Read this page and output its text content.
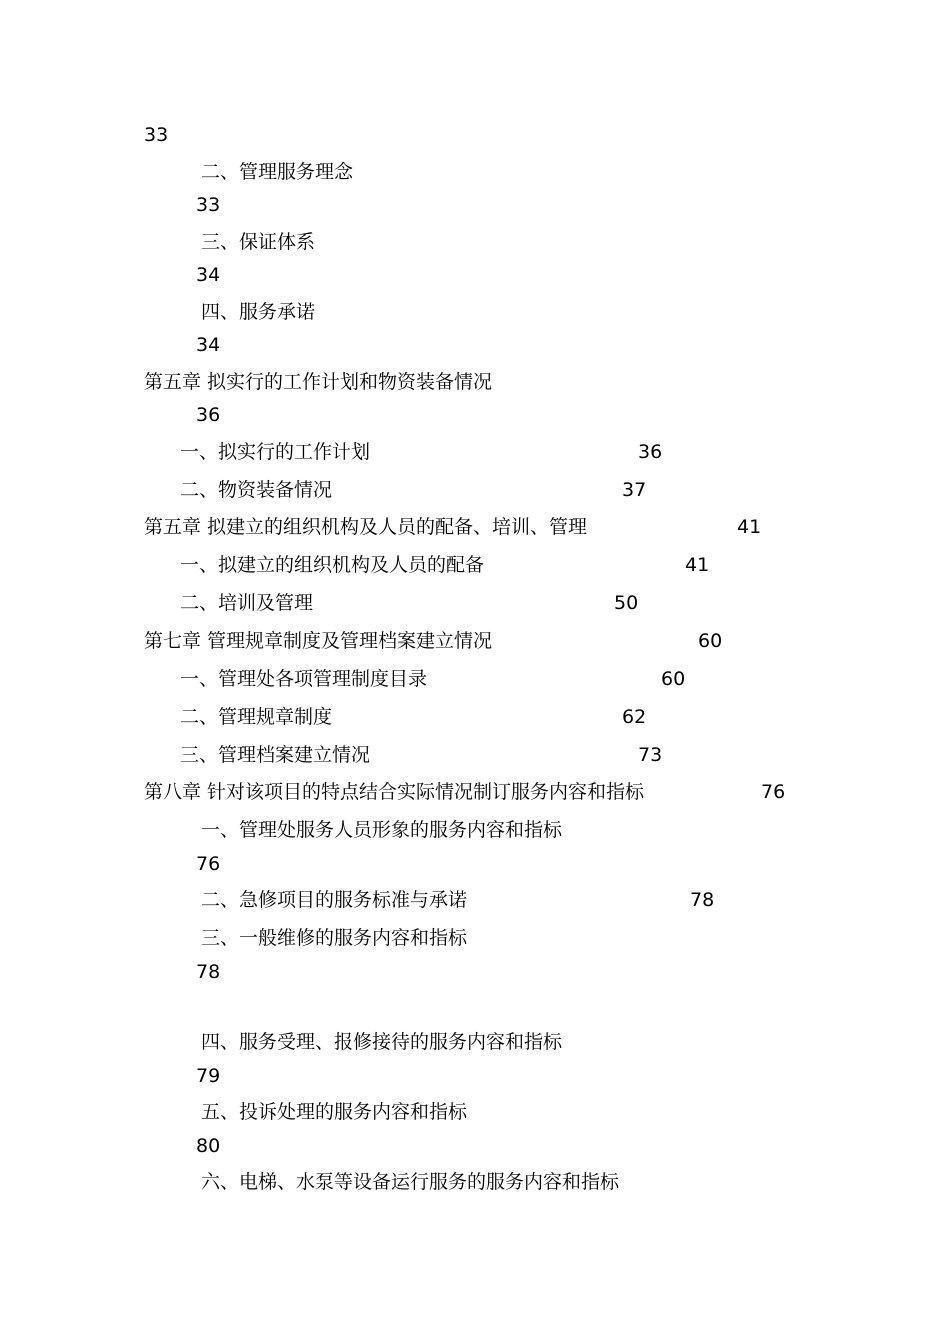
33
二、管理服务理念
33
三、保证体系
34
四、服务承诺
34
第五章 拟实行的工作计划和物资装备情况
36
一、拟实行的工作计划	36
二、物资装备情况	37
第五章 拟建立的组织机构及人员的配备、培训、管理	41
一、拟建立的组织机构及人员的配备	41
二、培训及管理	50
第七章 管理规章制度及管理档案建立情况	60
一、管理处各项管理制度目录	60
二、管理规章制度	62
三、管理档案建立情况	73
第八章 针对该项目的特点结合实际情况制订服务内容和指标	76
一、管理处服务人员形象的服务内容和指标
76
二、急修项目的服务标准与承诺	78
三、一般维修的服务内容和指标
78
四、服务受理、报修接待的服务内容和指标
79
五、投诉处理的服务内容和指标
80
六、电梯、水泵等设备运行服务的服务内容和指标
